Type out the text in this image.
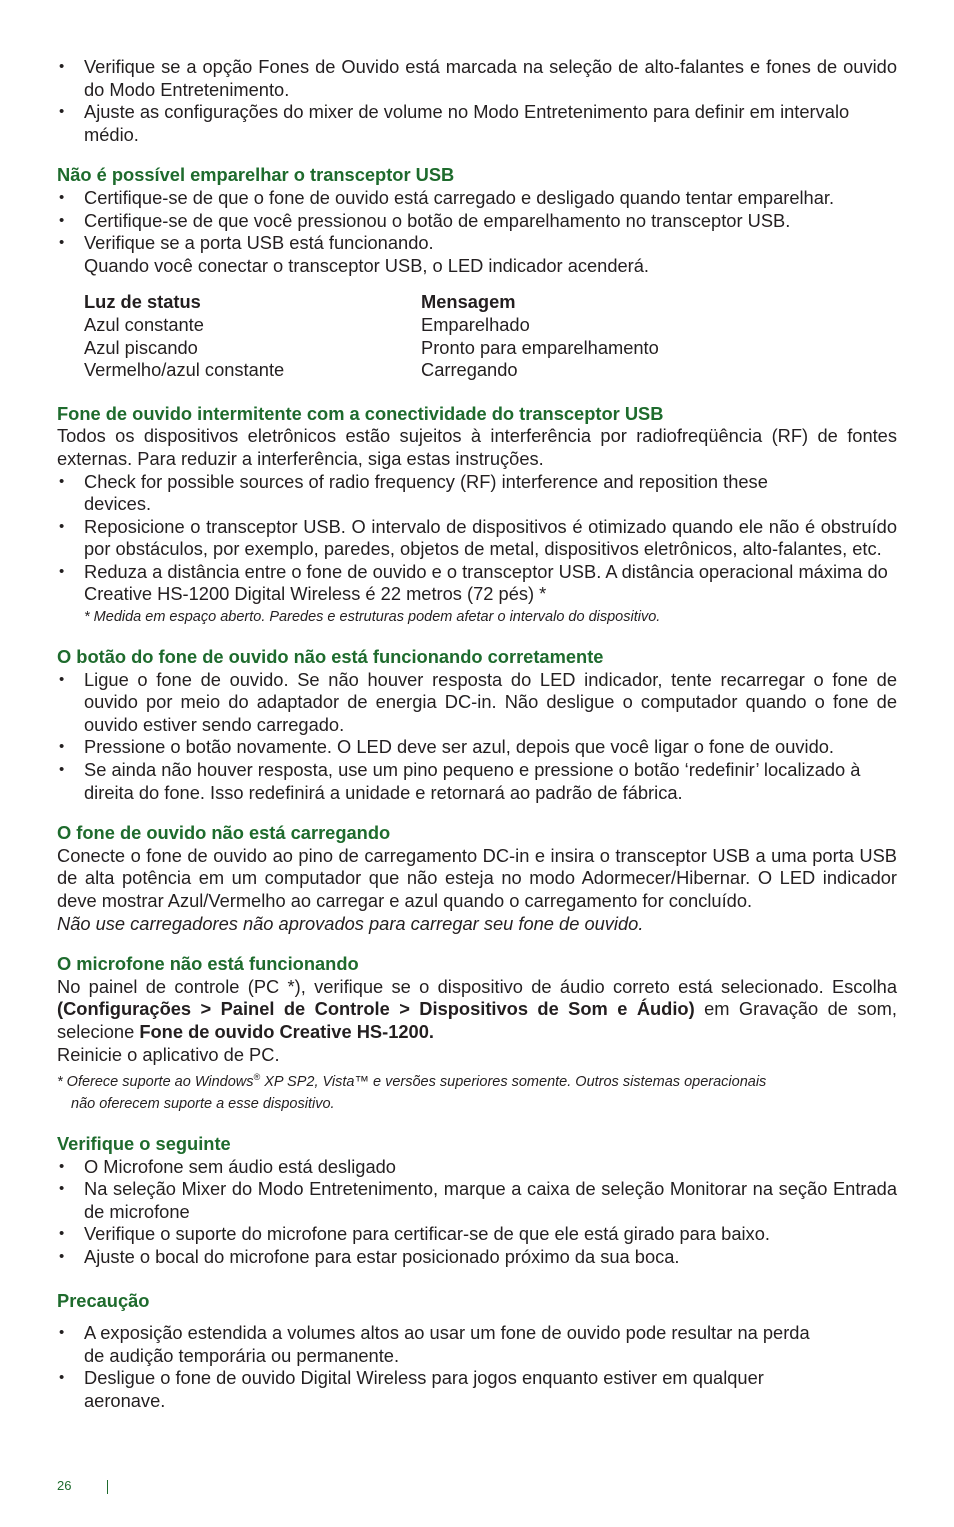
• Verifique se a opção Fones de Ouvido está marcada na seleção de alto-falantes e fones de ouvido do Modo Entretenimento.
• Ajuste as configurações do mixer de volume no Modo Entretenimento para definir em intervalo médio.
Não é possível emparelhar o transceptor USB
• Certifique-se de que o fone de ouvido está carregado e desligado quando tentar emparelhar.
• Certifique-se de que você pressionou o botão de emparelhamento no transceptor USB.
• Verifique se a porta USB está funcionando.
Quando você conectar o transceptor USB, o LED indicador acenderá.
Luz de status	Mensagem
Azul constante	Emparelhado
Azul piscando	Pronto para emparelhamento
Vermelho/azul constante	Carregando
Fone de ouvido intermitente com a conectividade do transceptor USB

Todos os dispositivos eletrônicos estão sujeitos à interferência por radiofreqüência (RF) de fontes externas. Para reduzir a interferência, siga estas instruções.

• Check for possible sources of radio frequency (RF) interference and reposition these devices.
• Reposicione o transceptor USB. O intervalo de dispositivos é otimizado quando ele não é obstruído por obstáculos, por exemplo, paredes, objetos de metal, dispositivos eletrônicos, alto-falantes, etc.
• Reduza a distância entre o fone de ouvido e o transceptor USB. A distância operacional máxima do Creative HS-1200 Digital Wireless é 22 metros (72 pés) *

* Medida em espaço aberto. Paredes e estruturas podem afetar o intervalo do dispositivo.

O botão do fone de ouvido não está funcionando corretamente
• Ligue o fone de ouvido. Se não houver resposta do LED indicador, tente recarregar o fone de ouvido por meio do adaptador de energia DC-in. Não desligue o computador quando o fone de ouvido estiver sendo carregado.
• Pressione o botão novamente. O LED deve ser azul, depois que você ligar o fone de ouvido.
• Se ainda não houver resposta, use um pino pequeno e pressione o botão ‘redefinir’ localizado à direita do fone. Isso redefinirá a unidade e retornará ao padrão de fábrica.
O fone de ouvido não está carregando

Conecte o fone de ouvido ao pino de carregamento DC-in e insira o transceptor USB a uma porta USB de alta potência em um computador que não esteja no modo Adormecer/Hibernar. O LED indicador deve mostrar Azul/Vermelho ao carregar e azul quando o carregamento for concluído.

Não use carregadores não aprovados para carregar seu fone de ouvido.

O microfone não está funcionando

No painel de controle (PC *), verifique se o dispositivo de áudio correto está selecionado. Escolha (Configurações > Painel de Controle > Dispositivos de Som e Áudio) em Gravação de som, selecione Fone de ouvido Creative HS-1200.

Reinicie o aplicativo de PC.

* Oferece suporte ao Windows® XP SP2, Vista™ e versões superiores somente. Outros sistemas operacionais

não oferecem suporte a esse dispositivo.

Verifique o seguinte
• O Microfone sem áudio está desligado
• Na seleção Mixer do Modo Entretenimento, marque a caixa de seleção Monitorar na seção Entrada de microfone
• Verifique o suporte do microfone para certificar-se de que ele está girado para baixo.
• Ajuste o bocal do microfone para estar posicionado próximo da sua boca.
Precaução
• A exposição estendida a volumes altos ao usar um fone de ouvido pode resultar na perda de audição temporária ou permanente.
• Desligue o fone de ouvido Digital Wireless para jogos enquanto estiver em qualquer aeronave.
26
